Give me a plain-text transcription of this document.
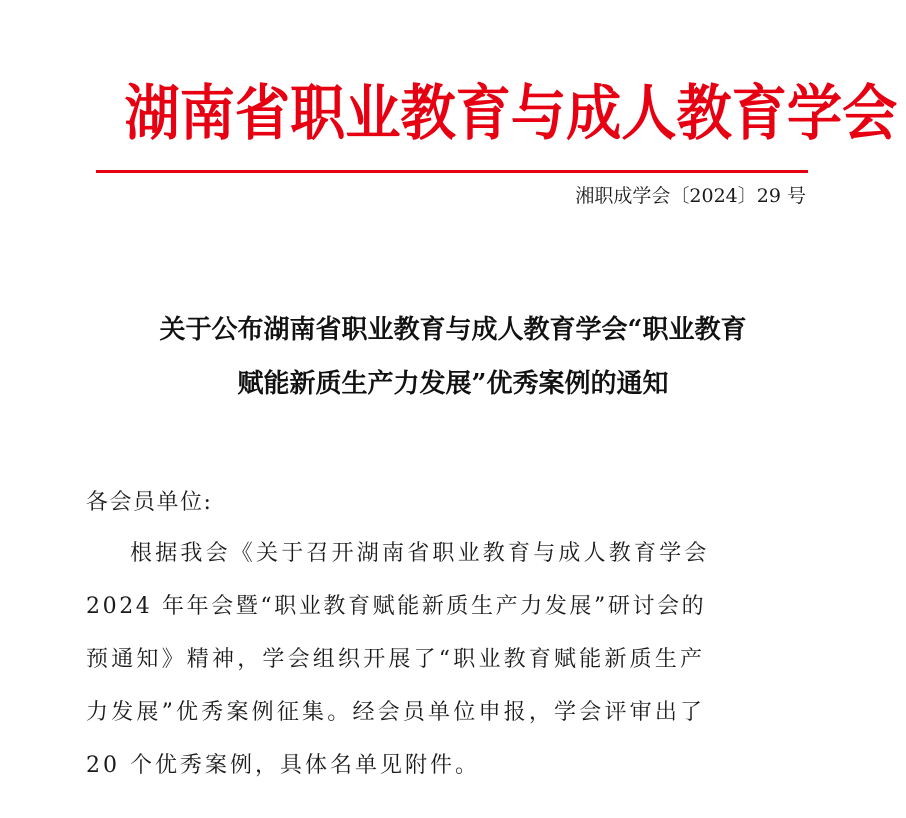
湖南省职业教育与成人教育学会
湘职成学会〔2024〕29 号
关于公布湖南省职业教育与成人教育学会“职业教育
赋能新质生产力发展”优秀案例的通知
各会员单位:
根据我会《关于召开湖南省职业教育与成人教育学会
2024 年年会暨“职业教育赋能新质生产力发展”研讨会的
预通知》精神，学会组织开展了“职业教育赋能新质生产
力发展”优秀案例征集。经会员单位申报，学会评审出了
20 个优秀案例，具体名单见附件。
